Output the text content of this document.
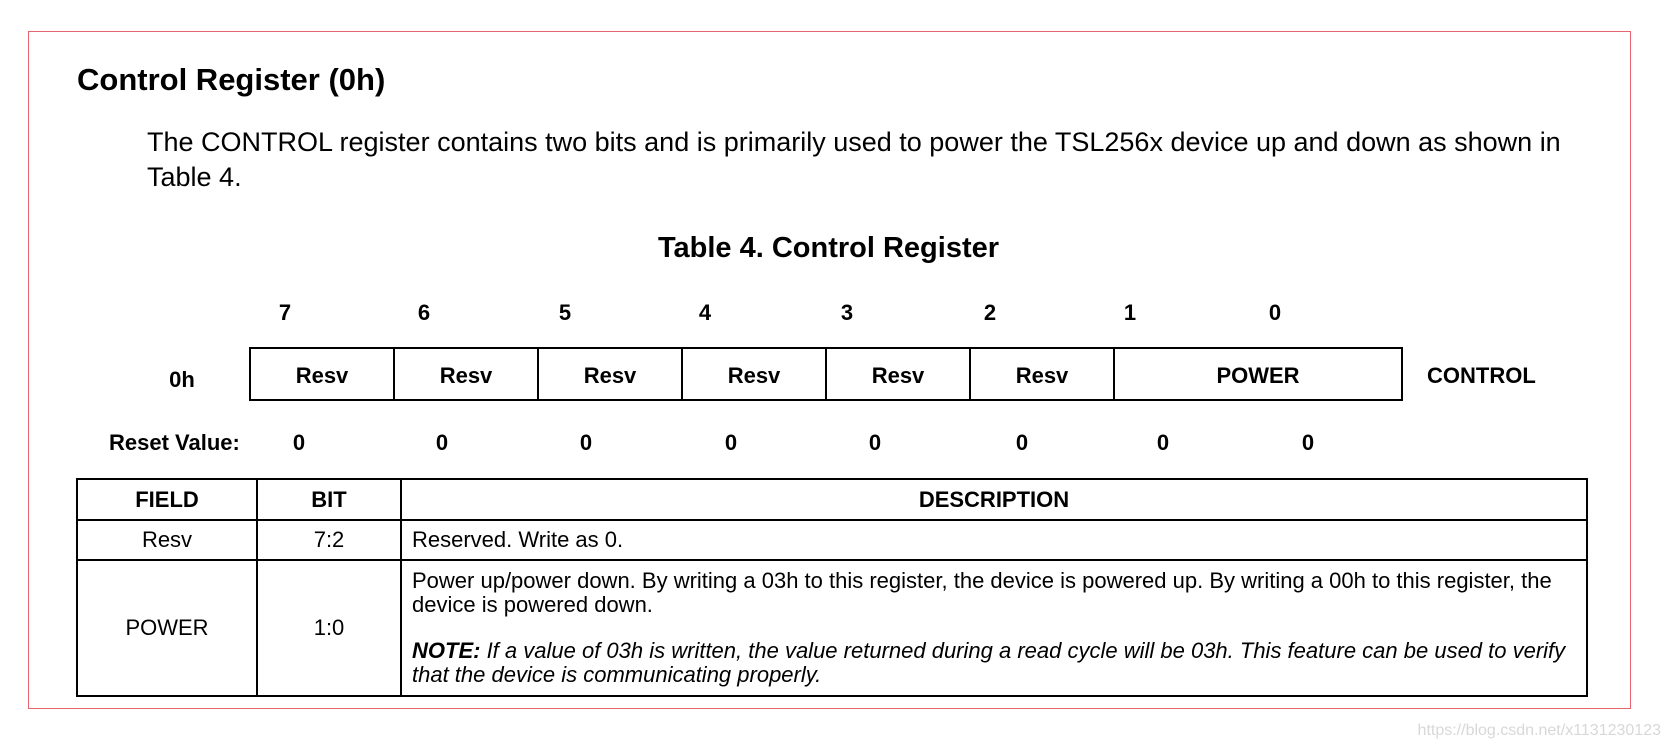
Control Register (0h)
The CONTROL register contains two bits and is primarily used to power the TSL256x device up and down as shown in Table 4.
Table 4. Control Register
7	6	5	4	3	2	1	0
0h	Resv	Resv	Resv	Resv	Resv	Resv	POWER	CONTROL
Reset Value:	0	0	0	0	0	0	0	0
FIELD	BIT	DESCRIPTION
Resv	7:2	Reserved. Write as 0.
POWER	1:0	Power up/power down. By writing a 03h to this register, the device is powered up. By writing a 00h to this register, the device is powered down.

NOTE: If a value of 03h is written, the value returned during a read cycle will be 03h. This feature can be used to verify that the device is communicating properly.

https://blog.csdn.net/x1131230123
